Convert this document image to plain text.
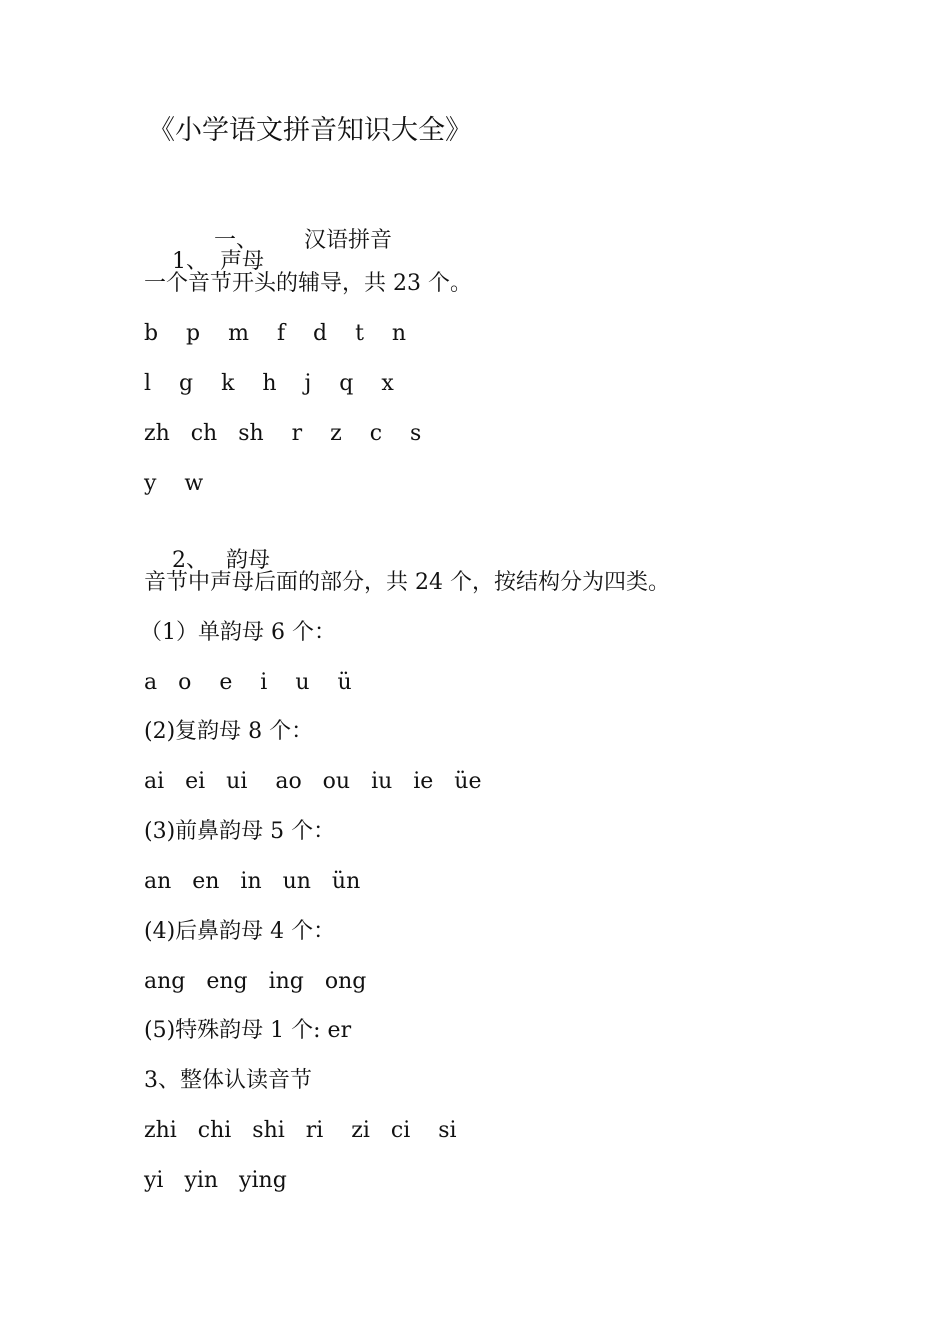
《小学语文拼音知识大全》

一、 汉语拼音

1、 声母

一个音节开头的辅导，共 23 个。
b    p    m    f    d    t    n
l    g    k    h    j    q    x
zh   ch   sh    r    z    c    s
y    w

2、 韵母

音节中声母后面的部分，共 24 个，按结构分为四类。
（1）单韵母 6 个：
a   o    e    i    u    ü
(2)复韵母 8 个：
ai   ei   ui    ao   ou   iu   ie   üe
(3)前鼻韵母 5 个：
an   en   in   un   ün
(4)后鼻韵母 4 个：
ang   eng   ing   ong
(5)特殊韵母 1 个: er
3、整体认读音节
zhi   chi   shi   ri    zi   ci    si
yi   yin   ying
